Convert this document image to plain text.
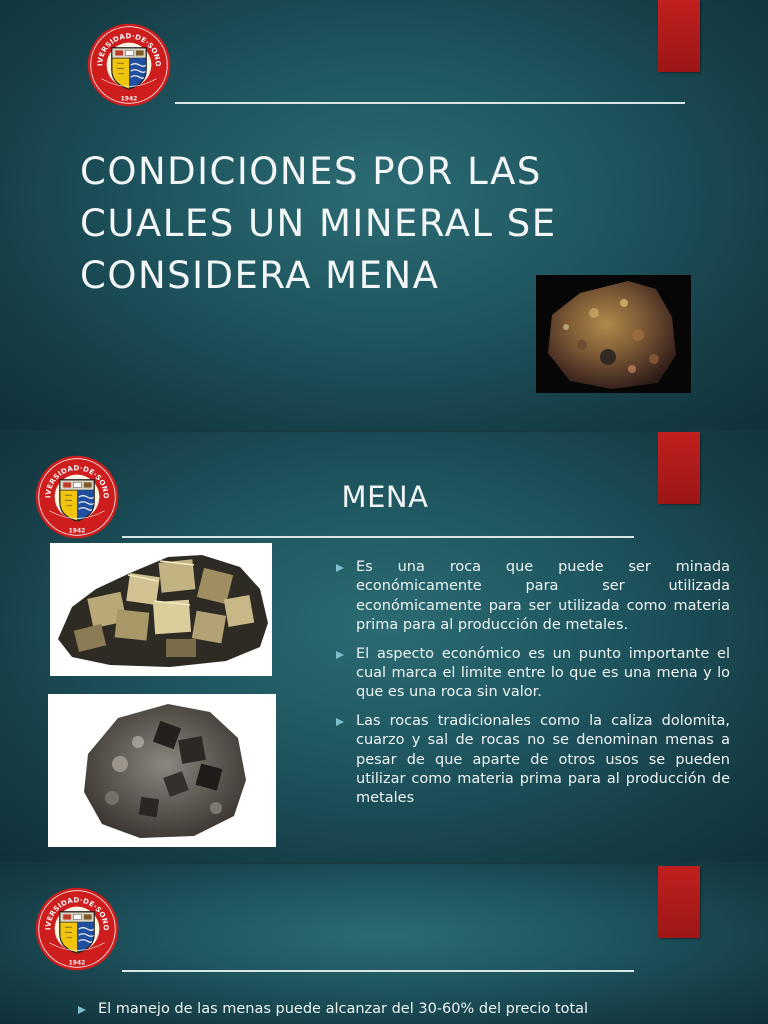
IVERSIDAD·DE·SONO
1942
CONDICIONES POR LAS
CUALES UN MINERAL SE
CONSIDERA MENA
IVERSIDAD·DE·SONO
1942
MENA
Es una roca que puede ser minada económicamente para ser utilizada económicamente para ser utilizada como materia prima para al producción de metales.
El aspecto económico es un punto importante el cual marca el limite entre lo que es una mena y lo que es una roca sin valor.
Las rocas tradicionales como la caliza dolomita, cuarzo y sal de rocas no se denominan menas a pesar de que aparte de otros usos se pueden utilizar como materia prima para al producción de metales
IVERSIDAD·DE·SONO
1942
El manejo de las menas puede alcanzar del 30-60% del precio total
